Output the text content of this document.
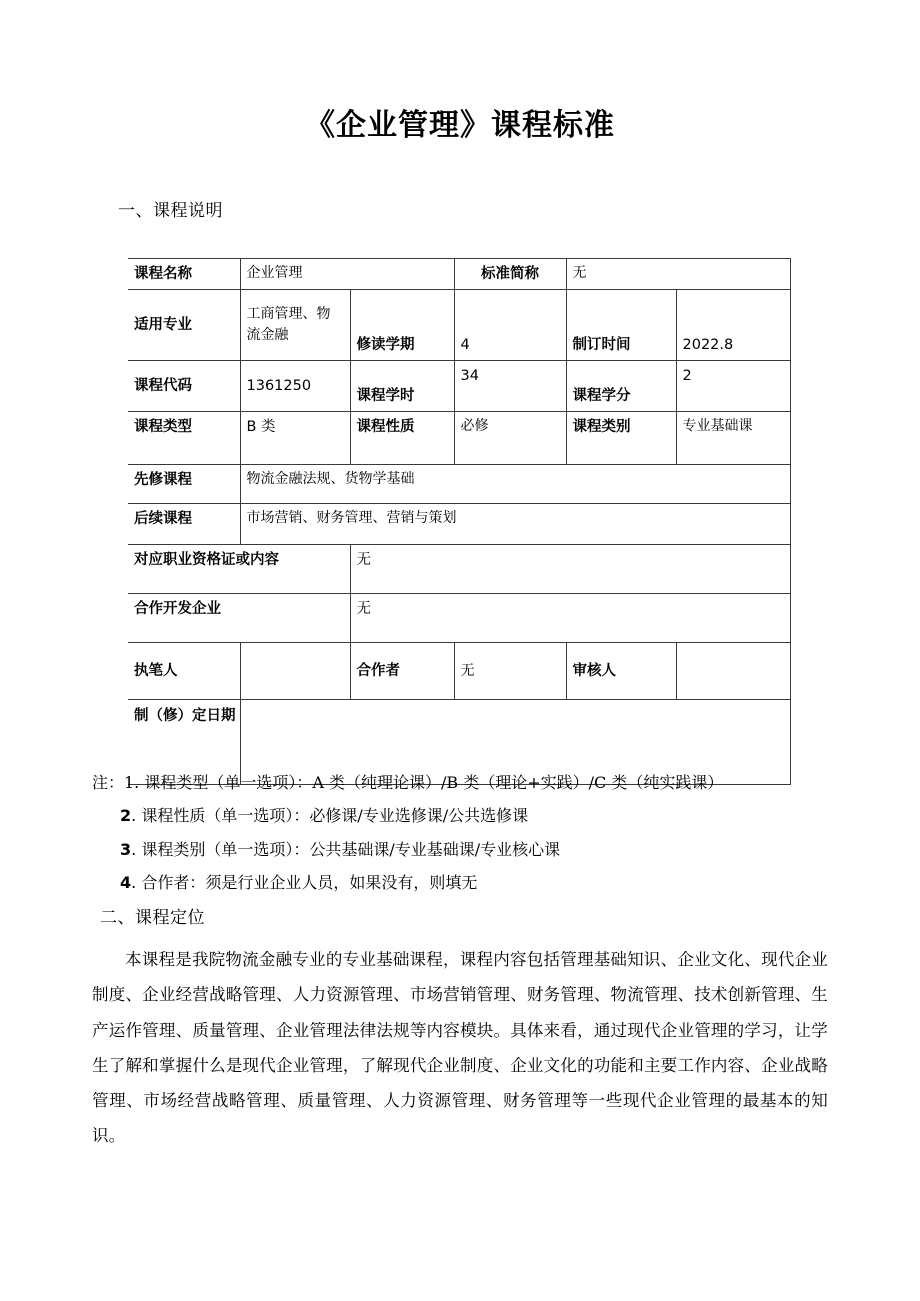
《企业管理》课程标准
一、课程说明
课程名称	企业管理		标准简称	无	
适用专业	工商管理、物流金融	修读学期	4	制订时间	2022.8
课程代码	1361250	课程学时	34	课程学分	2
课程类型	B 类	课程性质	必修	课程类别	专业基础课
先修课程	物流金融法规、货物学基础				
后续课程	市场营销、财务管理、营销与策划				
对应职业资格证或内容		无			
合作开发企业		无			
执笔人		合作者	无	审核人	
制（修）定日期					
注：1. 课程类型（单一选项）：A 类（纯理论课）/B 类（理论+实践）/C 类（纯实践课）
2. 课程性质（单一选项）：必修课/专业选修课/公共选修课
3. 课程类别（单一选项）：公共基础课/专业基础课/专业核心课
4. 合作者：须是行业企业人员，如果没有，则填无
二、课程定位
本课程是我院物流金融专业的专业基础课程，课程内容包括管理基础知识、企业文化、现代企业制度、企业经营战略管理、人力资源管理、市场营销管理、财务管理、物流管理、技术创新管理、生产运作管理、质量管理、企业管理法律法规等内容模块。具体来看，通过现代企业管理的学习，让学生了解和掌握什么是现代企业管理，了解现代企业制度、企业文化的功能和主要工作内容、企业战略管理、市场经营战略管理、质量管理、人力资源管理、财务管理等一些现代企业管理的最基本的知识。
